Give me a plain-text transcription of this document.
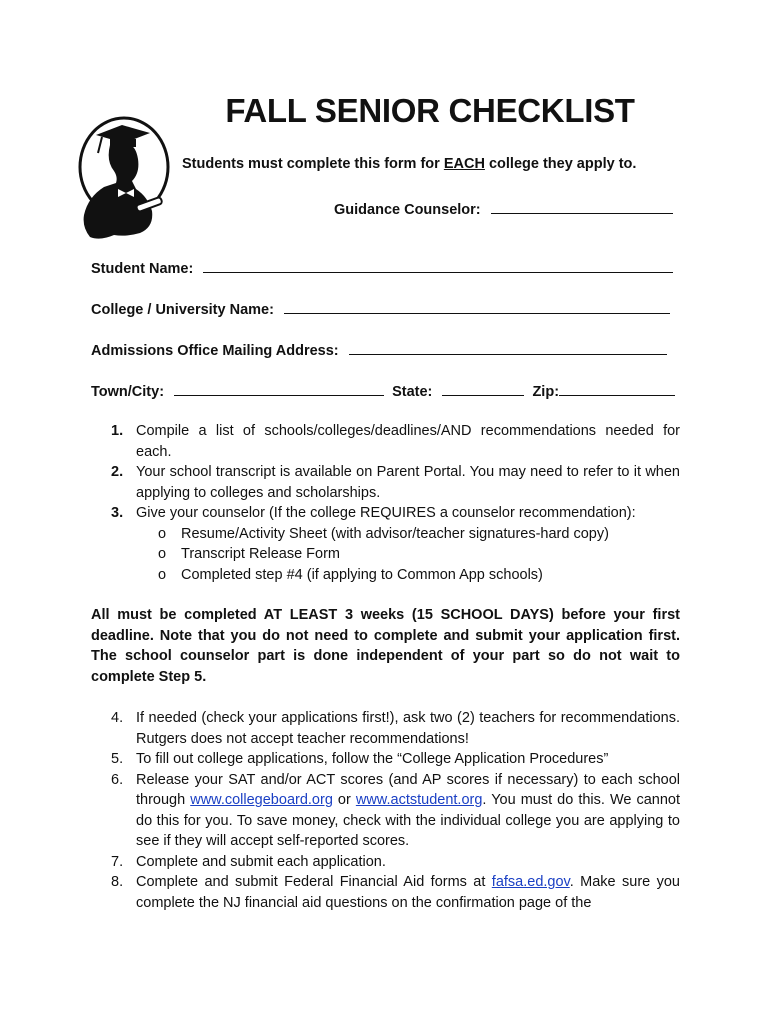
FALL SENIOR CHECKLIST

Students must complete this form for EACH college they apply to.

Guidance Counselor:
Student Name:
College / University Name:
Admissions Office Mailing Address:
Town/City:	State:	Zip:
1. Compile a list of schools/colleges/deadlines/AND recommendations needed for each.
2. Your school transcript is available on Parent Portal. You may need to refer to it when applying to colleges and scholarships.
3. Give your counselor (If the college REQUIRES a counselor recommendation):
o Resume/Activity Sheet (with advisor/teacher signatures-hard copy)
o Transcript Release Form
o Completed step #4 (if applying to Common App schools)

All must be completed AT LEAST 3 weeks (15 SCHOOL DAYS) before your first deadline. Note that you do not need to complete and submit your application first. The school counselor part is done independent of your part so do not wait to complete Step 5.

4. If needed (check your applications first!), ask two (2) teachers for recommendations. Rutgers does not accept teacher recommendations!
5. To fill out college applications, follow the “College Application Procedures”
6. Release your SAT and/or ACT scores (and AP scores if necessary) to each school through www.collegeboard.org or www.actstudent.org. You must do this. We cannot do this for you. To save money, check with the individual college you are applying to see if they will accept self-reported scores.
7. Complete and submit each application.
8. Complete and submit Federal Financial Aid forms at fafsa.ed.gov. Make sure you complete the NJ financial aid questions on the confirmation page of the
